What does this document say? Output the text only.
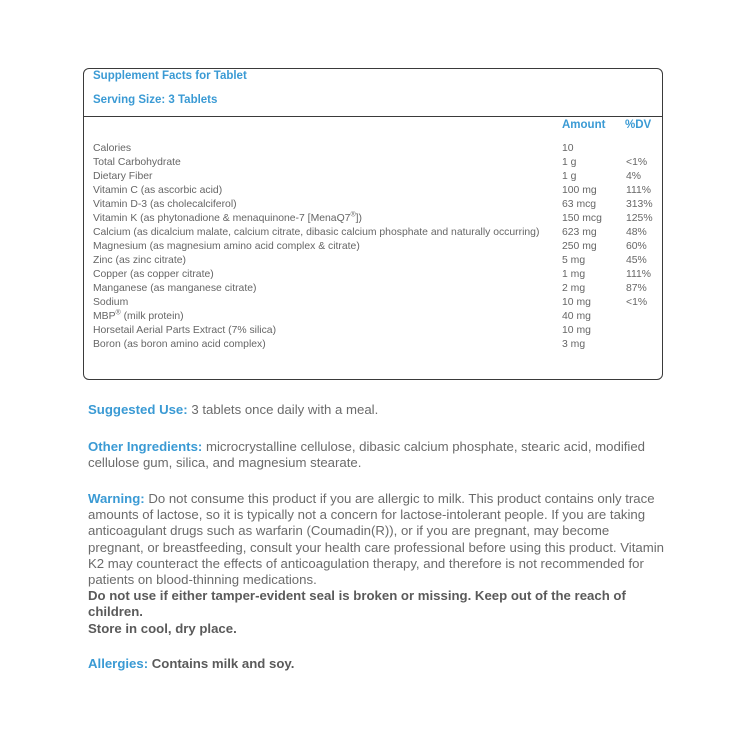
Supplement Facts for Tablet
Serving Size: 3 Tablets
Amount %DV
Calories	10
Total Carbohydrate	1 g	<1%
Dietary Fiber	1 g	4%
Vitamin C (as ascorbic acid)	100 mg	111%
Vitamin D-3 (as cholecalciferol)	63 mcg	313%
Vitamin K (as phytonadione & menaquinone-7 [MenaQ7®])	150 mcg	125%
Calcium (as dicalcium malate, calcium citrate, dibasic calcium phosphate and naturally occurring)	623 mg	48%
Magnesium (as magnesium amino acid complex & citrate)	250 mg	60%
Zinc (as zinc citrate)	5 mg	45%
Copper (as copper citrate)	1 mg	111%
Manganese (as manganese citrate)	2 mg	87%
Sodium	10 mg	<1%
MBP® (milk protein)	40 mg
Horsetail Aerial Parts Extract (7% silica)	10 mg
Boron (as boron amino acid complex)	3 mg
Suggested Use: 3 tablets once daily with a meal.
Other Ingredients: microcrystalline cellulose, dibasic calcium phosphate, stearic acid, modified cellulose gum, silica, and magnesium stearate.
Warning: Do not consume this product if you are allergic to milk. This product contains only trace amounts of lactose, so it is typically not a concern for lactose-intolerant people. If you are taking anticoagulant drugs such as warfarin (Coumadin(R)), or if you are pregnant, may become pregnant, or breastfeeding, consult your health care professional before using this product. Vitamin K2 may counteract the effects of anticoagulation therapy, and therefore is not recommended for patients on blood-thinning medications.
Do not use if either tamper-evident seal is broken or missing. Keep out of the reach of children.
Store in cool, dry place.
Allergies: Contains milk and soy.
